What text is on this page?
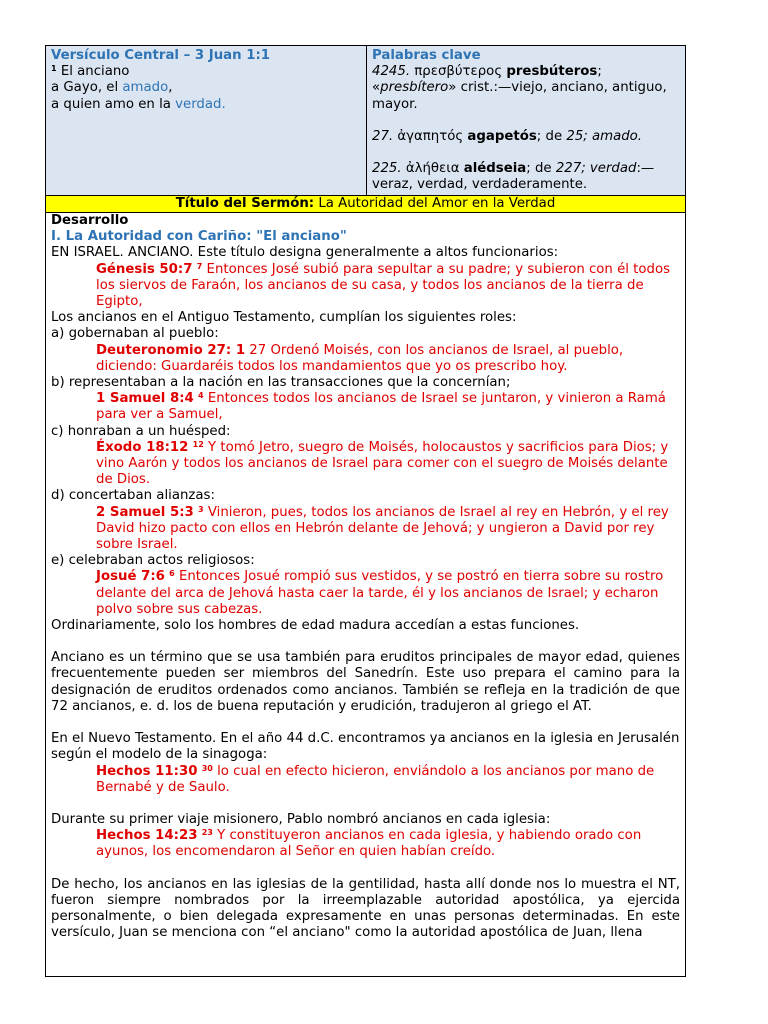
Versículo Central – 3 Juan 1:1
$^1$ El anciano
a Gayo, el amado,
a quien amo en la verdad.
Palabras clave

4245. πρεσβύτερος presbúteros; «presbítero» crist.:—viejo, anciano, antiguo, mayor.

27. ἀγαπητός agapetós; de 25; amado.

225. ἀλήθεια alédseia; de 227; verdad:—veraz, verdad, verdaderamente.

Título del Sermón: La Autoridad del Amor en la Verdad
Desarrollo
I. La Autoridad con Cariño: "El anciano"

EN ISRAEL. ANCIANO. Este título designa generalmente a altos funcionarios:

Génesis 50:7 $^7$ Entonces José subió para sepultar a su padre; y subieron con él todos los siervos de Faraón, los ancianos de su casa, y todos los ancianos de la tierra de Egipto,

Los ancianos en el Antiguo Testamento, cumplían los siguientes roles:

a) gobernaban al pueblo:

Deuteronomio 27: 1 27 Ordenó Moisés, con los ancianos de Israel, al pueblo, diciendo: Guardaréis todos los mandamientos que yo os prescribo hoy.

b) representaban a la nación en las transacciones que la concernían;

1 Samuel 8:4 $^4$ Entonces todos los ancianos de Israel se juntaron, y vinieron a Ramá para ver a Samuel,

c) honraban a un huésped:

Éxodo 18:12 $^{12}$ Y tomó Jetro, suegro de Moisés, holocaustos y sacrificios para Dios; y vino Aarón y todos los ancianos de Israel para comer con el suegro de Moisés delante de Dios.

d) concertaban alianzas:

2 Samuel 5:3 $^3$ Vinieron, pues, todos los ancianos de Israel al rey en Hebrón, y el rey David hizo pacto con ellos en Hebrón delante de Jehová; y ungieron a David por rey sobre Israel.

e) celebraban actos religiosos:

Josué 7:6 $^6$ Entonces Josué rompió sus vestidos, y se postró en tierra sobre su rostro delante del arca de Jehová hasta caer la tarde, él y los ancianos de Israel; y echaron polvo sobre sus cabezas.

Ordinariamente, solo los hombres de edad madura accedían a estas funciones.

Anciano es un término que se usa también para eruditos principales de mayor edad, quienes frecuentemente pueden ser miembros del Sanedrín. Este uso prepara el camino para la designación de eruditos ordenados como ancianos. También se refleja en la tradición de que 72 ancianos, e. d. los de buena reputación y erudición, tradujeron al griego el AT.

En el Nuevo Testamento. En el año 44 d.C. encontramos ya ancianos en la iglesia en Jerusalén según el modelo de la sinagoga:

Hechos 11:30 $^{30}$ lo cual en efecto hicieron, enviándolo a los ancianos por mano de Bernabé y de Saulo.

Durante su primer viaje misionero, Pablo nombró ancianos en cada iglesia:

Hechos 14:23 $^{23}$ Y constituyeron ancianos en cada iglesia, y habiendo orado con ayunos, los encomendaron al Señor en quien habían creído.

De hecho, los ancianos en las iglesias de la gentilidad, hasta allí donde nos lo muestra el NT, fueron siempre nombrados por la irreemplazable autoridad apostólica, ya ejercida personalmente, o bien delegada expresamente en unas personas determinadas. En este versículo, Juan se menciona con “el anciano" como la autoridad apostólica de Juan, llena
